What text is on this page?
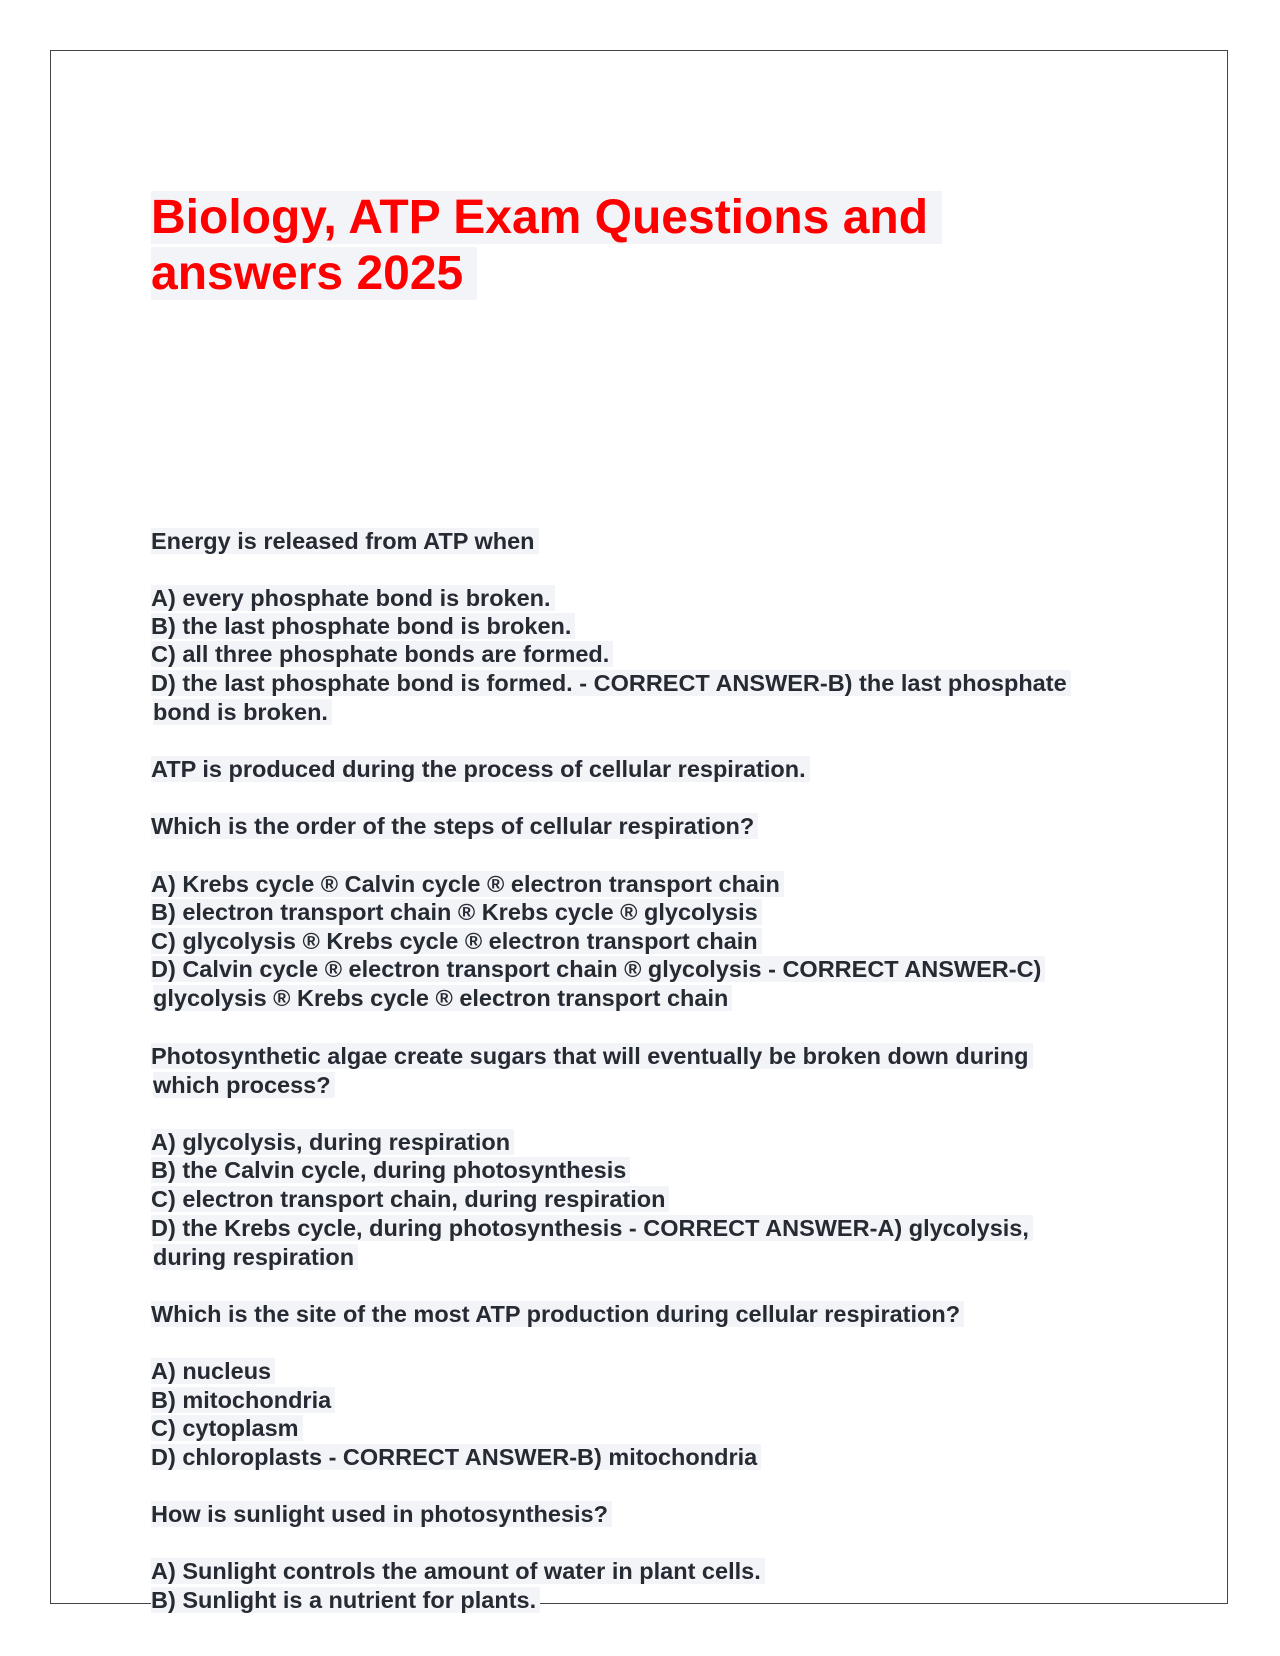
Biology, ATP Exam Questions and answers 2025

Energy is released from ATP when

A) every phosphate bond is broken.

B) the last phosphate bond is broken.

C) all three phosphate bonds are formed.

D) the last phosphate bond is formed. - CORRECT ANSWER-B) the last phosphate

bond is broken.

ATP is produced during the process of cellular respiration.

Which is the order of the steps of cellular respiration?

A) Krebs cycle ® Calvin cycle ® electron transport chain

B) electron transport chain ® Krebs cycle ® glycolysis

C) glycolysis ® Krebs cycle ® electron transport chain

D) Calvin cycle ® electron transport chain ® glycolysis - CORRECT ANSWER-C)

glycolysis ® Krebs cycle ® electron transport chain

Photosynthetic algae create sugars that will eventually be broken down during

which process?

A) glycolysis, during respiration

B) the Calvin cycle, during photosynthesis

C) electron transport chain, during respiration

D) the Krebs cycle, during photosynthesis - CORRECT ANSWER-A) glycolysis,

during respiration

Which is the site of the most ATP production during cellular respiration?

A) nucleus

B) mitochondria

C) cytoplasm

D) chloroplasts - CORRECT ANSWER-B) mitochondria

How is sunlight used in photosynthesis?

A) Sunlight controls the amount of water in plant cells.

B) Sunlight is a nutrient for plants.
